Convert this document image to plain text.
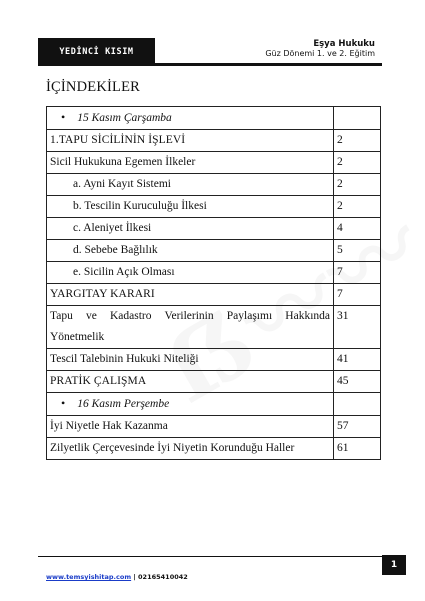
YEDİNCİ KISIM
Eşya Hukuku
Güz Dönemi 1. ve 2. Eğitim
İÇİNDEKİLER
• 15 Kasım Çarşamba	
1.TAPU SİCİLİNİN İŞLEVİ	2
Sicil Hukukuna Egemen İlkeler	2
a. Ayni Kayıt Sistemi	2
b. Tescilin Kuruculuğu İlkesi	2
c. Aleniyet İlkesi	4
d. Sebebe Bağlılık	5
e. Sicilin Açık Olması	7
YARGITAY KARARI	7
Tapu ve Kadastro Verilerinin Paylaşımı Hakkında Yönetmelik	31
Tescil Talebinin Hukuki Niteliği	41
PRATİK ÇALIŞMA	45
• 16 Kasım Perşembe	
İyi Niyetle Hak Kazanma	57
Zilyetlik Çerçevesinde İyi Niyetin Korunduğu Haller	61
1
www.temsyishitap.com | 02165410042
